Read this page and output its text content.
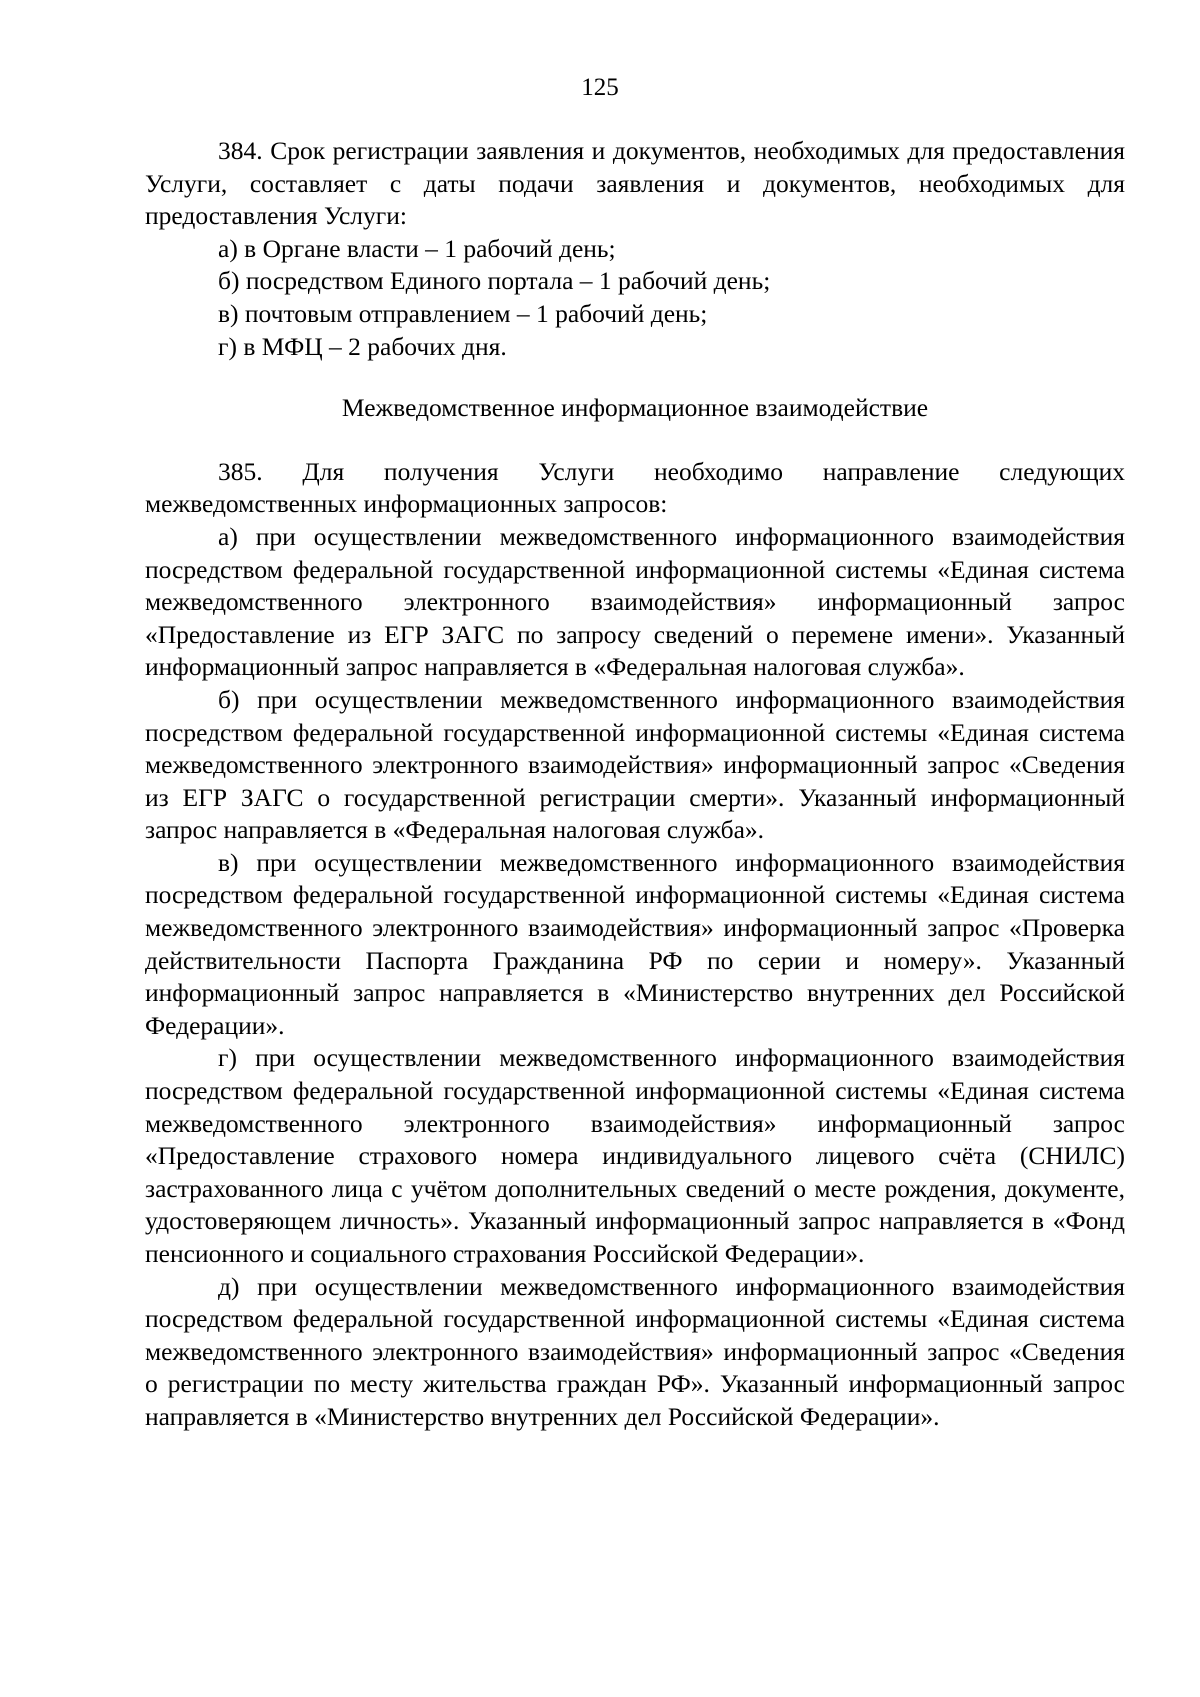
125

384. Срок регистрации заявления и документов, необходимых для предоставления Услуги, составляет с даты подачи заявления и документов, необходимых для предоставления Услуги:

а) в Органе власти – 1 рабочий день;

б) посредством Единого портала – 1 рабочий день;

в) почтовым отправлением – 1 рабочий день;

г) в МФЦ – 2 рабочих дня.

Межведомственное информационное взаимодействие

385. Для получения Услуги необходимо направление следующих межведомственных информационных запросов:

а) при осуществлении межведомственного информационного взаимодействия посредством федеральной государственной информационной системы «Единая система межведомственного электронного взаимодействия» информационный запрос «Предоставление из ЕГР ЗАГС по запросу сведений о перемене имени». Указанный информационный запрос направляется в «Федеральная налоговая служба».

б) при осуществлении межведомственного информационного взаимодействия посредством федеральной государственной информационной системы «Единая система межведомственного электронного взаимодействия» информационный запрос «Сведения из ЕГР ЗАГС о государственной регистрации смерти». Указанный информационный запрос направляется в «Федеральная налоговая служба».

в) при осуществлении межведомственного информационного взаимодействия посредством федеральной государственной информационной системы «Единая система межведомственного электронного взаимодействия» информационный запрос «Проверка действительности Паспорта Гражданина РФ по серии и номеру». Указанный информационный запрос направляется в «Министерство внутренних дел Российской Федерации».

г) при осуществлении межведомственного информационного взаимодействия посредством федеральной государственной информационной системы «Единая система межведомственного электронного взаимодействия» информационный запрос «Предоставление страхового номера индивидуального лицевого счёта (СНИЛС) застрахованного лица с учётом дополнительных сведений о месте рождения, документе, удостоверяющем личность». Указанный информационный запрос направляется в «Фонд пенсионного и социального страхования Российской Федерации».

д) при осуществлении межведомственного информационного взаимодействия посредством федеральной государственной информационной системы «Единая система межведомственного электронного взаимодействия» информационный запрос «Сведения о регистрации по месту жительства граждан РФ». Указанный информационный запрос направляется в «Министерство внутренних дел Российской Федерации».
